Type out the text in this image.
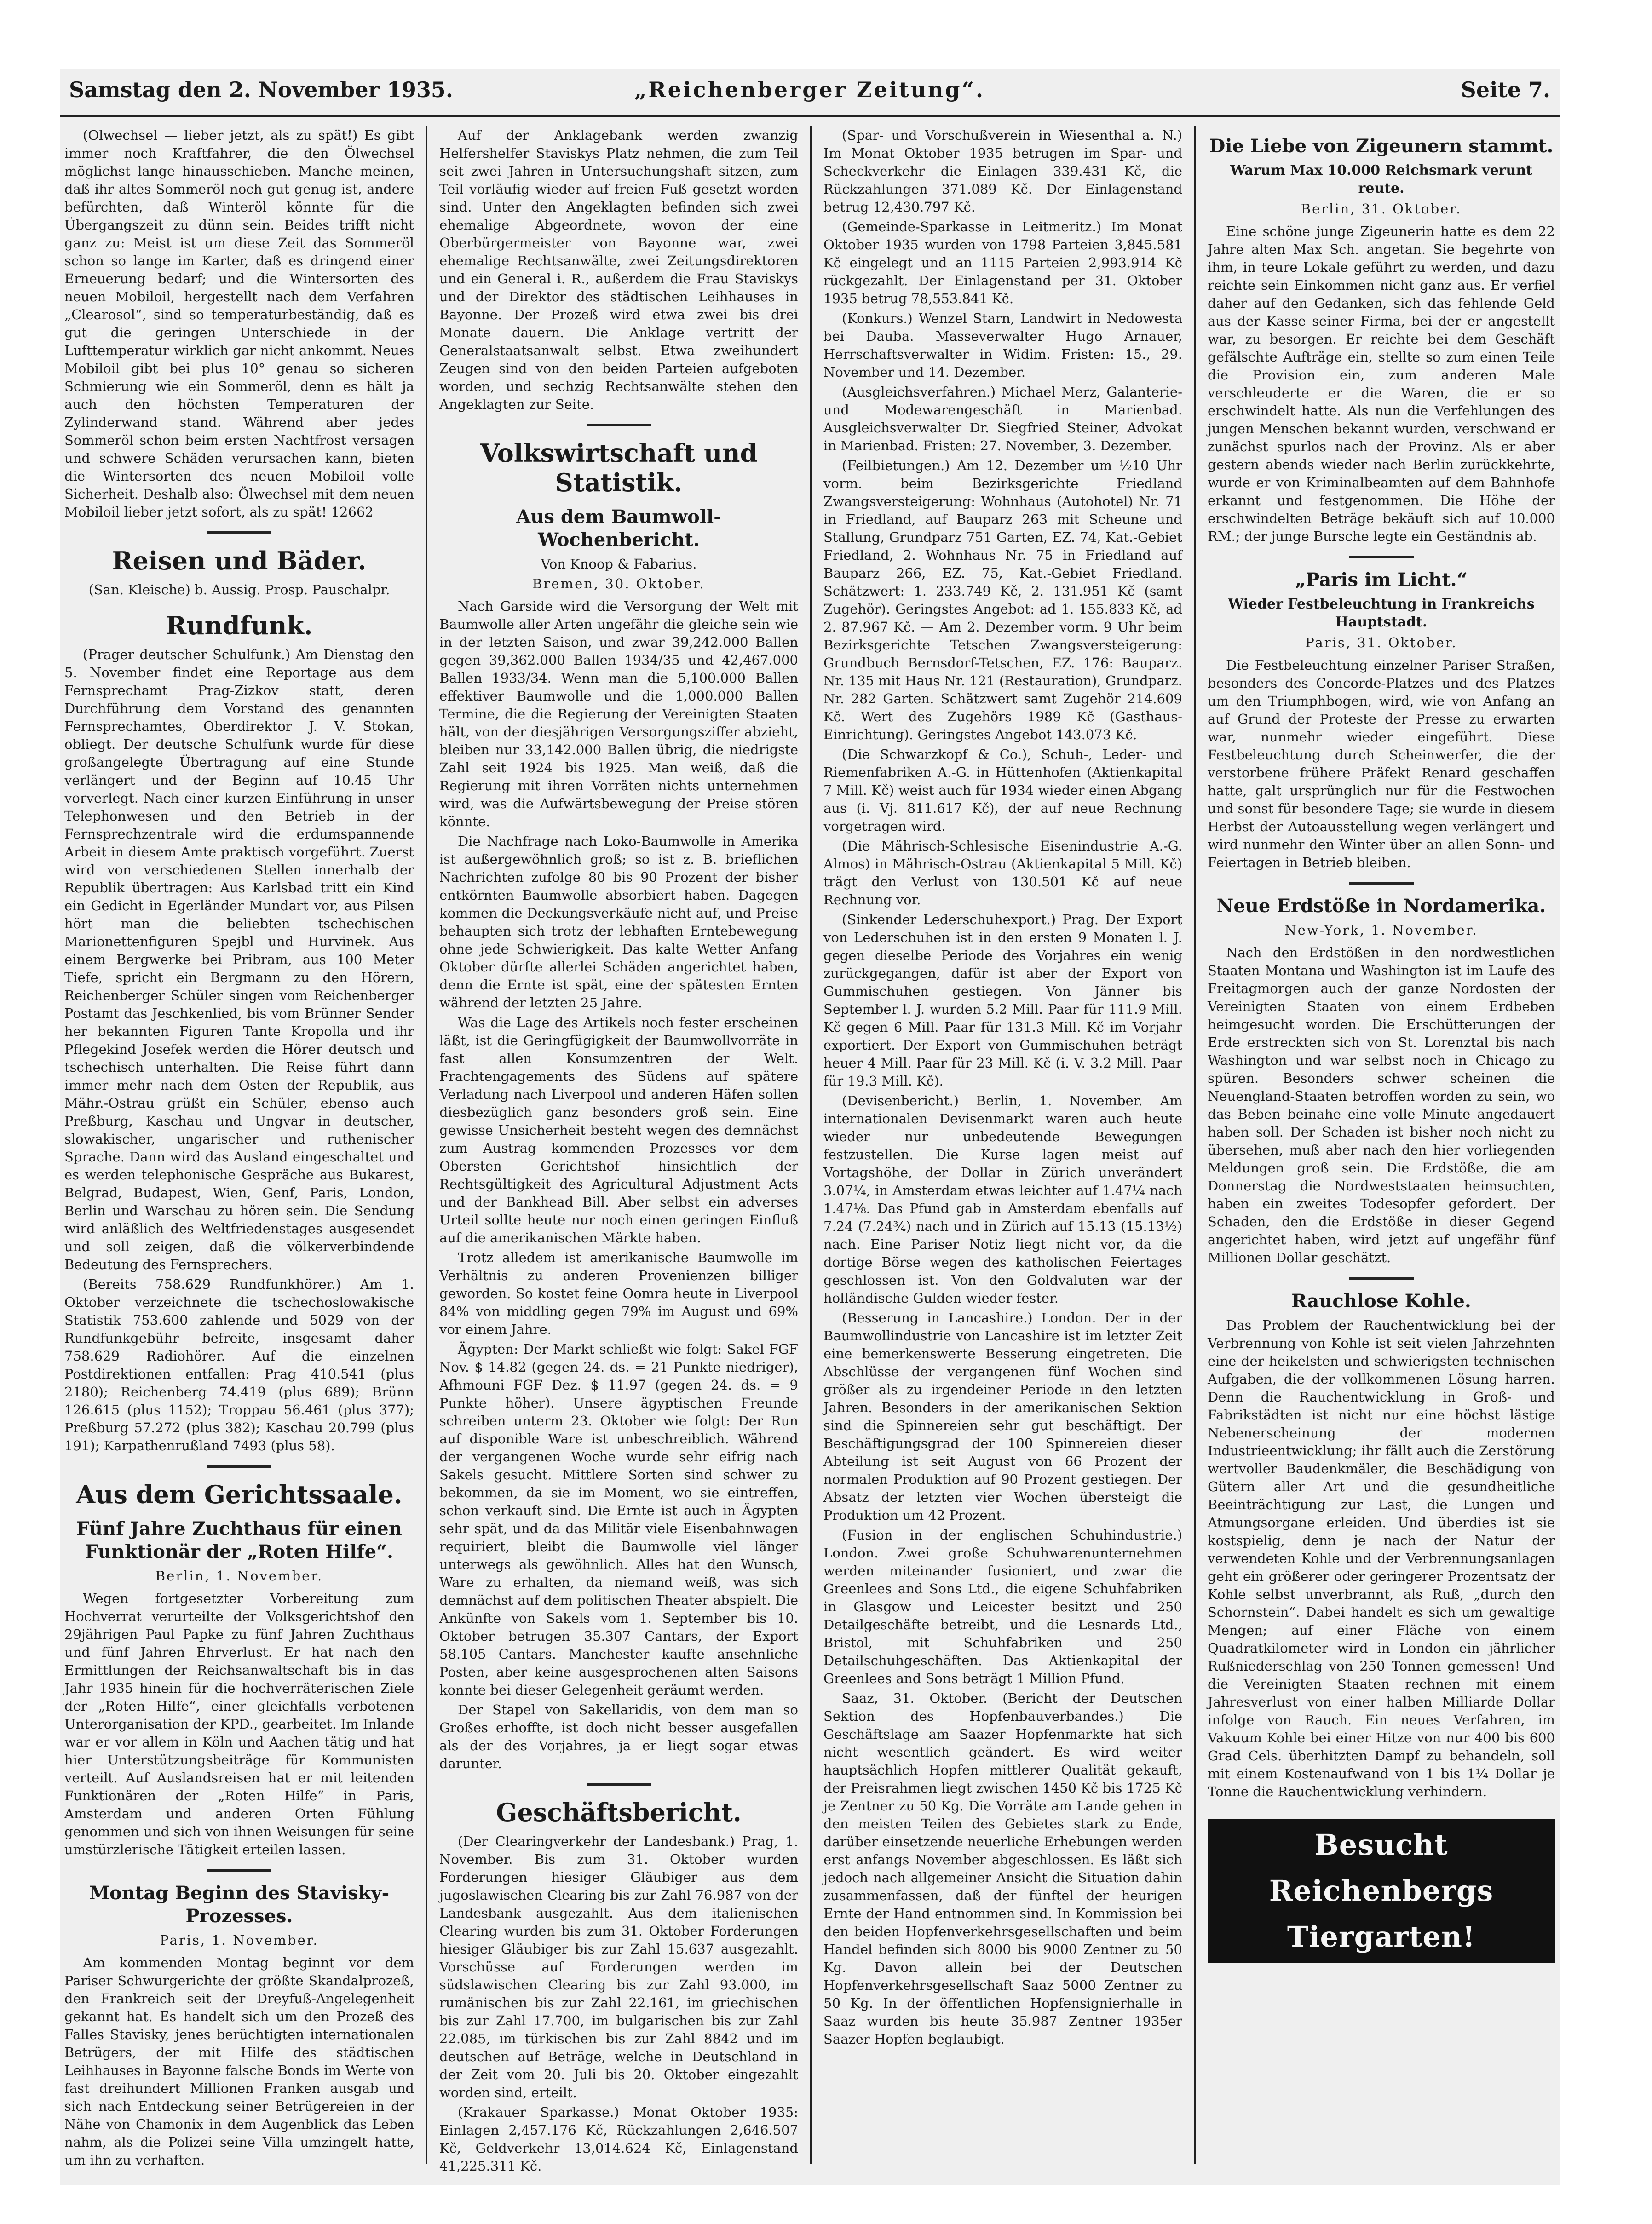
Samstag den 2. November 1935.	„Reichenberger Zeitung“.	Seite 7.

(Olwechsel — lieber jetzt, als zu spät!) Es gibt immer noch Kraftfahrer, die den Ölwechsel möglichst lange hinausschieben. Manche meinen, daß ihr altes Sommeröl noch gut genug ist, andere befürchten, daß Winteröl könnte für die Übergangszeit zu dünn sein. Beides trifft nicht ganz zu: Meist ist um diese Zeit das Sommeröl schon so lange im Karter, daß es dringend einer Erneuerung bedarf; und die Wintersorten des neuen Mobiloil, hergestellt nach dem Verfahren „Clearosol“, sind so temperaturbeständig, daß es gut die geringen Unterschiede in der Lufttemperatur wirklich gar nicht ankommt. Neues Mobiloil gibt bei plus 10° genau so sicheren Schmierung wie ein Sommeröl, denn es hält ja auch den höchsten Temperaturen der Zylinderwand stand. Während aber jedes Sommeröl schon beim ersten Nachtfrost versagen und schwere Schäden verursachen kann, bieten die Wintersorten des neuen Mobiloil volle Sicherheit. Deshalb also: Ölwechsel mit dem neuen Mobiloil lieber jetzt sofort, als zu spät! 12662

Reisen und Bäder.
(San. Kleische) b. Aussig. Prosp. Pauschalpr.
Rundfunk.

(Prager deutscher Schulfunk.) Am Dienstag den 5. November findet eine Reportage aus dem Fernsprechamt Prag-Zizkov statt, deren Durchführung dem Vorstand des genannten Fernsprechamtes, Oberdirektor J. V. Stokan, obliegt. Der deutsche Schulfunk wurde für diese großangelegte Übertragung auf eine Stunde verlängert und der Beginn auf 10.45 Uhr vorverlegt. Nach einer kurzen Einführung in unser Telephonwesen und den Betrieb in der Fernsprechzentrale wird die erdumspannende Arbeit in diesem Amte praktisch vorgeführt. Zuerst wird von verschiedenen Stellen innerhalb der Republik übertragen: Aus Karlsbad tritt ein Kind ein Gedicht in Egerländer Mundart vor, aus Pilsen hört man die beliebten tschechischen Marionettenfiguren Spejbl und Hurvinek. Aus einem Bergwerke bei Pribram, aus 100 Meter Tiefe, spricht ein Bergmann zu den Hörern, Reichenberger Schüler singen vom Reichenberger Postamt das Jeschkenlied, bis vom Brünner Sender her bekannten Figuren Tante Kropolla und ihr Pflegekind Josefek werden die Hörer deutsch und tschechisch unterhalten. Die Reise führt dann immer mehr nach dem Osten der Republik, aus Mähr.-Ostrau grüßt ein Schüler, ebenso auch Preßburg, Kaschau und Ungvar in deutscher, slowakischer, ungarischer und ruthenischer Sprache. Dann wird das Ausland eingeschaltet und es werden telephonische Gespräche aus Bukarest, Belgrad, Budapest, Wien, Genf, Paris, London, Berlin und Warschau zu hören sein. Die Sendung wird anläßlich des Weltfriedenstages ausgesendet und soll zeigen, daß die völkerverbindende Bedeutung des Fernsprechers.

(Bereits 758.629 Rundfunkhörer.) Am 1. Oktober verzeichnete die tschechoslowakische Statistik 753.600 zahlende und 5029 von der Rundfunkgebühr befreite, insgesamt daher 758.629 Radiohörer. Auf die einzelnen Postdirektionen entfallen: Prag 410.541 (plus 2180); Reichenberg 74.419 (plus 689); Brünn 126.615 (plus 1152); Troppau 56.461 (plus 377); Preßburg 57.272 (plus 382); Kaschau 20.799 (plus 191); Karpathenrußland 7493 (plus 58).

Aus dem Gerichtssaale.
Fünf Jahre Zuchthaus für einen Funktionär der „Roten Hilfe“.
Berlin, 1. November.

Wegen fortgesetzter Vorbereitung zum Hochverrat verurteilte der Volksgerichtshof den 29jährigen Paul Papke zu fünf Jahren Zuchthaus und fünf Jahren Ehrverlust. Er hat nach den Ermittlungen der Reichsanwaltschaft bis in das Jahr 1935 hinein für die hochverräterischen Ziele der „Roten Hilfe“, einer gleichfalls verbotenen Unterorganisation der KPD., gearbeitet. Im Inlande war er vor allem in Köln und Aachen tätig und hat hier Unterstützungsbeiträge für Kommunisten verteilt. Auf Auslandsreisen hat er mit leitenden Funktionären der „Roten Hilfe“ in Paris, Amsterdam und anderen Orten Fühlung genommen und sich von ihnen Weisungen für seine umstürzlerische Tätigkeit erteilen lassen.

Montag Beginn des Stavisky-Prozesses.
Paris, 1. November.

Am kommenden Montag beginnt vor dem Pariser Schwurgerichte der größte Skandalprozeß, den Frankreich seit der Dreyfuß-Angelegenheit gekannt hat. Es handelt sich um den Prozeß des Falles Stavisky, jenes berüchtigten internationalen Betrügers, der mit Hilfe des städtischen Leihhauses in Bayonne falsche Bonds im Werte von fast dreihundert Millionen Franken ausgab und sich nach Entdeckung seiner Betrügereien in der Nähe von Chamonix in dem Augenblick das Leben nahm, als die Polizei seine Villa umzingelt hatte, um ihn zu verhaften.

Auf der Anklagebank werden zwanzig Helfershelfer Staviskys Platz nehmen, die zum Teil seit zwei Jahren in Untersuchungshaft sitzen, zum Teil vorläufig wieder auf freien Fuß gesetzt worden sind. Unter den Angeklagten befinden sich zwei ehemalige Abgeordnete, wovon der eine Oberbürgermeister von Bayonne war, zwei ehemalige Rechtsanwälte, zwei Zeitungsdirektoren und ein General i. R., außerdem die Frau Staviskys und der Direktor des städtischen Leihhauses in Bayonne. Der Prozeß wird etwa zwei bis drei Monate dauern. Die Anklage vertritt der Generalstaatsanwalt selbst. Etwa zweihundert Zeugen sind von den beiden Parteien aufgeboten worden, und sechzig Rechtsanwälte stehen den Angeklagten zur Seite.

Volkswirtschaft und Statistik.
Aus dem Baumwoll-Wochenbericht.
Von Knoop & Fabarius.
Bremen, 30. Oktober.

Nach Garside wird die Versorgung der Welt mit Baumwolle aller Arten ungefähr die gleiche sein wie in der letzten Saison, und zwar 39,242.000 Ballen gegen 39,362.000 Ballen 1934/35 und 42,467.000 Ballen 1933/34. Wenn man die 5,100.000 Ballen effektiver Baumwolle und die 1,000.000 Ballen Termine, die die Regierung der Vereinigten Staaten hält, von der diesjährigen Versorgungsziffer abzieht, bleiben nur 33,142.000 Ballen übrig, die niedrigste Zahl seit 1924 bis 1925. Man weiß, daß die Regierung mit ihren Vorräten nichts unternehmen wird, was die Aufwärtsbewegung der Preise stören könnte.

Die Nachfrage nach Loko-Baumwolle in Amerika ist außergewöhnlich groß; so ist z. B. brieflichen Nachrichten zufolge 80 bis 90 Prozent der bisher entkörnten Baumwolle absorbiert haben. Dagegen kommen die Deckungsverkäufe nicht auf, und Preise behaupten sich trotz der lebhaften Erntebewegung ohne jede Schwierigkeit. Das kalte Wetter Anfang Oktober dürfte allerlei Schäden angerichtet haben, denn die Ernte ist spät, eine der spätesten Ernten während der letzten 25 Jahre.

Was die Lage des Artikels noch fester erscheinen läßt, ist die Geringfügigkeit der Baumwollvorräte in fast allen Konsumzentren der Welt. Frachtengagements des Südens auf spätere Verladung nach Liverpool und anderen Häfen sollen diesbezüglich ganz besonders groß sein. Eine gewisse Unsicherheit besteht wegen des demnächst zum Austrag kommenden Prozesses vor dem Obersten Gerichtshof hinsichtlich der Rechtsgültigkeit des Agricultural Adjustment Acts und der Bankhead Bill. Aber selbst ein adverses Urteil sollte heute nur noch einen geringen Einfluß auf die amerikanischen Märkte haben.

Trotz alledem ist amerikanische Baumwolle im Verhältnis zu anderen Provenienzen billiger geworden. So kostet feine Oomra heute in Liverpool 84% von middling gegen 79% im August und 69% vor einem Jahre.

Ägypten: Der Markt schließt wie folgt: Sakel FGF Nov. $ 14.82 (gegen 24. ds. = 21 Punkte niedriger), Afhmouni FGF Dez. $ 11.97 (gegen 24. ds. = 9 Punkte höher). Unsere ägyptischen Freunde schreiben unterm 23. Oktober wie folgt: Der Run auf disponible Ware ist unbeschreiblich. Während der vergangenen Woche wurde sehr eifrig nach Sakels gesucht. Mittlere Sorten sind schwer zu bekommen, da sie im Moment, wo sie eintreffen, schon verkauft sind. Die Ernte ist auch in Ägypten sehr spät, und da das Militär viele Eisenbahnwagen requiriert, bleibt die Baumwolle viel länger unterwegs als gewöhnlich. Alles hat den Wunsch, Ware zu erhalten, da niemand weiß, was sich demnächst auf dem politischen Theater abspielt. Die Ankünfte von Sakels vom 1. September bis 10. Oktober betrugen 35.307 Cantars, der Export 58.105 Cantars. Manchester kaufte ansehnliche Posten, aber keine ausgesprochenen alten Saisons konnte bei dieser Gelegenheit geräumt werden.

Der Stapel von Sakellaridis, von dem man so Großes erhoffte, ist doch nicht besser ausgefallen als der des Vorjahres, ja er liegt sogar etwas darunter.

Geschäftsbericht.

(Der Clearingverkehr der Landesbank.) Prag, 1. November. Bis zum 31. Oktober wurden Forderungen hiesiger Gläubiger aus dem jugoslawischen Clearing bis zur Zahl 76.987 von der Landesbank ausgezahlt. Aus dem italienischen Clearing wurden bis zum 31. Oktober Forderungen hiesiger Gläubiger bis zur Zahl 15.637 ausgezahlt. Vorschüsse auf Forderungen werden im südslawischen Clearing bis zur Zahl 93.000, im rumänischen bis zur Zahl 22.161, im griechischen bis zur Zahl 17.700, im bulgarischen bis zur Zahl 22.085, im türkischen bis zur Zahl 8842 und im deutschen auf Beträge, welche in Deutschland in der Zeit vom 20. Juli bis 20. Oktober eingezahlt worden sind, erteilt.

(Krakauer Sparkasse.) Monat Oktober 1935: Einlagen 2,457.176 Kč, Rückzahlungen 2,646.507 Kč, Geldverkehr 13,014.624 Kč, Einlagenstand 41,225.311 Kč.

(Spar- und Vorschußverein in Wiesenthal a. N.) Im Monat Oktober 1935 betrugen im Spar- und Scheckverkehr die Einlagen 339.431 Kč, die Rückzahlungen 371.089 Kč. Der Einlagenstand betrug 12,430.797 Kč.

(Gemeinde-Sparkasse in Leitmeritz.) Im Monat Oktober 1935 wurden von 1798 Parteien 3,845.581 Kč eingelegt und an 1115 Parteien 2,993.914 Kč rückgezahlt. Der Einlagenstand per 31. Oktober 1935 betrug 78,553.841 Kč.

(Konkurs.) Wenzel Starn, Landwirt in Nedowesta bei Dauba. Masseverwalter Hugo Arnauer, Herrschaftsverwalter in Widim. Fristen: 15., 29. November und 14. Dezember.

(Ausgleichsverfahren.) Michael Merz, Galanterie- und Modewarengeschäft in Marienbad. Ausgleichsverwalter Dr. Siegfried Steiner, Advokat in Marienbad. Fristen: 27. November, 3. Dezember.

(Feilbietungen.) Am 12. Dezember um ½10 Uhr vorm. beim Bezirksgerichte Friedland Zwangsversteigerung: Wohnhaus (Autohotel) Nr. 71 in Friedland, auf Bauparz 263 mit Scheune und Stallung, Grundparz 751 Garten, EZ. 74, Kat.-Gebiet Friedland, 2. Wohnhaus Nr. 75 in Friedland auf Bauparz 266, EZ. 75, Kat.-Gebiet Friedland. Schätzwert: 1. 233.749 Kč, 2. 131.951 Kč (samt Zugehör). Geringstes Angebot: ad 1. 155.833 Kč, ad 2. 87.967 Kč. — Am 2. Dezember vorm. 9 Uhr beim Bezirksgerichte Tetschen Zwangsversteigerung: Grundbuch Bernsdorf-Tetschen, EZ. 176: Bauparz. Nr. 135 mit Haus Nr. 121 (Restauration), Grundparz. Nr. 282 Garten. Schätzwert samt Zugehör 214.609 Kč. Wert des Zugehörs 1989 Kč (Gasthaus-Einrichtung). Geringstes Angebot 143.073 Kč.

(Die Schwarzkopf & Co.), Schuh-, Leder- und Riemenfabriken A.-G. in Hüttenhofen (Aktienkapital 7 Mill. Kč) weist auch für 1934 wieder einen Abgang aus (i. Vj. 811.617 Kč), der auf neue Rechnung vorgetragen wird.

(Die Mährisch-Schlesische Eisenindustrie A.-G. Almos) in Mährisch-Ostrau (Aktienkapital 5 Mill. Kč) trägt den Verlust von 130.501 Kč auf neue Rechnung vor.

(Sinkender Lederschuhexport.) Prag. Der Export von Lederschuhen ist in den ersten 9 Monaten l. J. gegen dieselbe Periode des Vorjahres ein wenig zurückgegangen, dafür ist aber der Export von Gummischuhen gestiegen. Von Jänner bis September l. J. wurden 5.2 Mill. Paar für 111.9 Mill. Kč gegen 6 Mill. Paar für 131.3 Mill. Kč im Vorjahr exportiert. Der Export von Gummischuhen beträgt heuer 4 Mill. Paar für 23 Mill. Kč (i. V. 3.2 Mill. Paar für 19.3 Mill. Kč).

(Devisenbericht.) Berlin, 1. November. Am internationalen Devisenmarkt waren auch heute wieder nur unbedeutende Bewegungen festzustellen. Die Kurse lagen meist auf Vortagshöhe, der Dollar in Zürich unverändert 3.07¼, in Amsterdam etwas leichter auf 1.47¼ nach 1.47⅛. Das Pfund gab in Amsterdam ebenfalls auf 7.24 (7.24¾) nach und in Zürich auf 15.13 (15.13½) nach. Eine Pariser Notiz liegt nicht vor, da die dortige Börse wegen des katholischen Feiertages geschlossen ist. Von den Goldvaluten war der holländische Gulden wieder fester.

(Besserung in Lancashire.) London. Der in der Baumwollindustrie von Lancashire ist im letzter Zeit eine bemerkenswerte Besserung eingetreten. Die Abschlüsse der vergangenen fünf Wochen sind größer als zu irgendeiner Periode in den letzten Jahren. Besonders in der amerikanischen Sektion sind die Spinnereien sehr gut beschäftigt. Der Beschäftigungsgrad der 100 Spinnereien dieser Abteilung ist seit August von 66 Prozent der normalen Produktion auf 90 Prozent gestiegen. Der Absatz der letzten vier Wochen übersteigt die Produktion um 42 Prozent.

(Fusion in der englischen Schuhindustrie.) London. Zwei große Schuhwarenunternehmen werden miteinander fusioniert, und zwar die Greenlees and Sons Ltd., die eigene Schuhfabriken in Glasgow und Leicester besitzt und 250 Detailgeschäfte betreibt, und die Lesnards Ltd., Bristol, mit Schuhfabriken und 250 Detailschuhgeschäften. Das Aktienkapital der Greenlees and Sons beträgt 1 Million Pfund.

Saaz, 31. Oktober. (Bericht der Deutschen Sektion des Hopfenbauverbandes.) Die Geschäftslage am Saazer Hopfenmarkte hat sich nicht wesentlich geändert. Es wird weiter hauptsächlich Hopfen mittlerer Qualität gekauft, der Preisrahmen liegt zwischen 1450 Kč bis 1725 Kč je Zentner zu 50 Kg. Die Vorräte am Lande gehen in den meisten Teilen des Gebietes stark zu Ende, darüber einsetzende neuerliche Erhebungen werden erst anfangs November abgeschlossen. Es läßt sich jedoch nach allgemeiner Ansicht die Situation dahin zusammenfassen, daß der fünftel der heurigen Ernte der Hand entnommen sind. In Kommission bei den beiden Hopfenverkehrsgesellschaften und beim Handel befinden sich 8000 bis 9000 Zentner zu 50 Kg. Davon allein bei der Deutschen Hopfenverkehrsgesellschaft Saaz 5000 Zentner zu 50 Kg. In der öffentlichen Hopfensignierhalle in Saaz wurden bis heute 35.987 Zentner 1935er Saazer Hopfen beglaubigt.

Die Liebe von Zigeunern stammt.
Warum Max 10.000 Reichsmark verunt reute.
Berlin, 31. Oktober.

Eine schöne junge Zigeunerin hatte es dem 22 Jahre alten Max Sch. angetan. Sie begehrte von ihm, in teure Lokale geführt zu werden, und dazu reichte sein Einkommen nicht ganz aus. Er verfiel daher auf den Gedanken, sich das fehlende Geld aus der Kasse seiner Firma, bei der er angestellt war, zu besorgen. Er reichte bei dem Geschäft gefälschte Aufträge ein, stellte so zum einen Teile die Provision ein, zum anderen Male verschleuderte er die Waren, die er so erschwindelt hatte. Als nun die Verfehlungen des jungen Menschen bekannt wurden, verschwand er zunächst spurlos nach der Provinz. Als er aber gestern abends wieder nach Berlin zurückkehrte, wurde er von Kriminalbeamten auf dem Bahnhofe erkannt und festgenommen. Die Höhe der erschwindelten Beträge bekäuft sich auf 10.000 RM.; der junge Bursche legte ein Geständnis ab.

„Paris im Licht.“
Wieder Festbeleuchtung in Frankreichs Hauptstadt.
Paris, 31. Oktober.

Die Festbeleuchtung einzelner Pariser Straßen, besonders des Concorde-Platzes und des Platzes um den Triumphbogen, wird, wie von Anfang an auf Grund der Proteste der Presse zu erwarten war, nunmehr wieder eingeführt. Diese Festbeleuchtung durch Scheinwerfer, die der verstorbene frühere Präfekt Renard geschaffen hatte, galt ursprünglich nur für die Festwochen und sonst für besondere Tage; sie wurde in diesem Herbst der Autoausstellung wegen verlängert und wird nunmehr den Winter über an allen Sonn- und Feiertagen in Betrieb bleiben.

Neue Erdstöße in Nordamerika.
New-York, 1. November.

Nach den Erdstößen in den nordwestlichen Staaten Montana und Washington ist im Laufe des Freitagmorgen auch der ganze Nordosten der Vereinigten Staaten von einem Erdbeben heimgesucht worden. Die Erschütterungen der Erde erstreckten sich von St. Lorenztal bis nach Washington und war selbst noch in Chicago zu spüren. Besonders schwer scheinen die Neuengland-Staaten betroffen worden zu sein, wo das Beben beinahe eine volle Minute angedauert haben soll. Der Schaden ist bisher noch nicht zu übersehen, muß aber nach den hier vorliegenden Meldungen groß sein. Die Erdstöße, die am Donnerstag die Nordweststaaten heimsuchten, haben ein zweites Todesopfer gefordert. Der Schaden, den die Erdstöße in dieser Gegend angerichtet haben, wird jetzt auf ungefähr fünf Millionen Dollar geschätzt.

Rauchlose Kohle.

Das Problem der Rauchentwicklung bei der Verbrennung von Kohle ist seit vielen Jahrzehnten eine der heikelsten und schwierigsten technischen Aufgaben, die der vollkommenen Lösung harren. Denn die Rauchentwicklung in Groß- und Fabrikstädten ist nicht nur eine höchst lästige Nebenerscheinung der modernen Industrieentwicklung; ihr fällt auch die Zerstörung wertvoller Baudenkmäler, die Beschädigung von Gütern aller Art und die gesundheitliche Beeinträchtigung zur Last, die Lungen und Atmungsorgane erleiden. Und überdies ist sie kostspielig, denn je nach der Natur der verwendeten Kohle und der Verbrennungsanlagen geht ein größerer oder geringerer Prozentsatz der Kohle selbst unverbrannt, als Ruß, „durch den Schornstein“. Dabei handelt es sich um gewaltige Mengen; auf einer Fläche von einem Quadratkilometer wird in London ein jährlicher Rußniederschlag von 250 Tonnen gemessen! Und die Vereinigten Staaten rechnen mit einem Jahresverlust von einer halben Milliarde Dollar infolge von Rauch. Ein neues Verfahren, im Vakuum Kohle bei einer Hitze von nur 400 bis 600 Grad Cels. überhitzten Dampf zu behandeln, soll mit einem Kostenaufwand von 1 bis 1¼ Dollar je Tonne die Rauchentwicklung verhindern.

Besucht Reichenbergs Tiergarten!
